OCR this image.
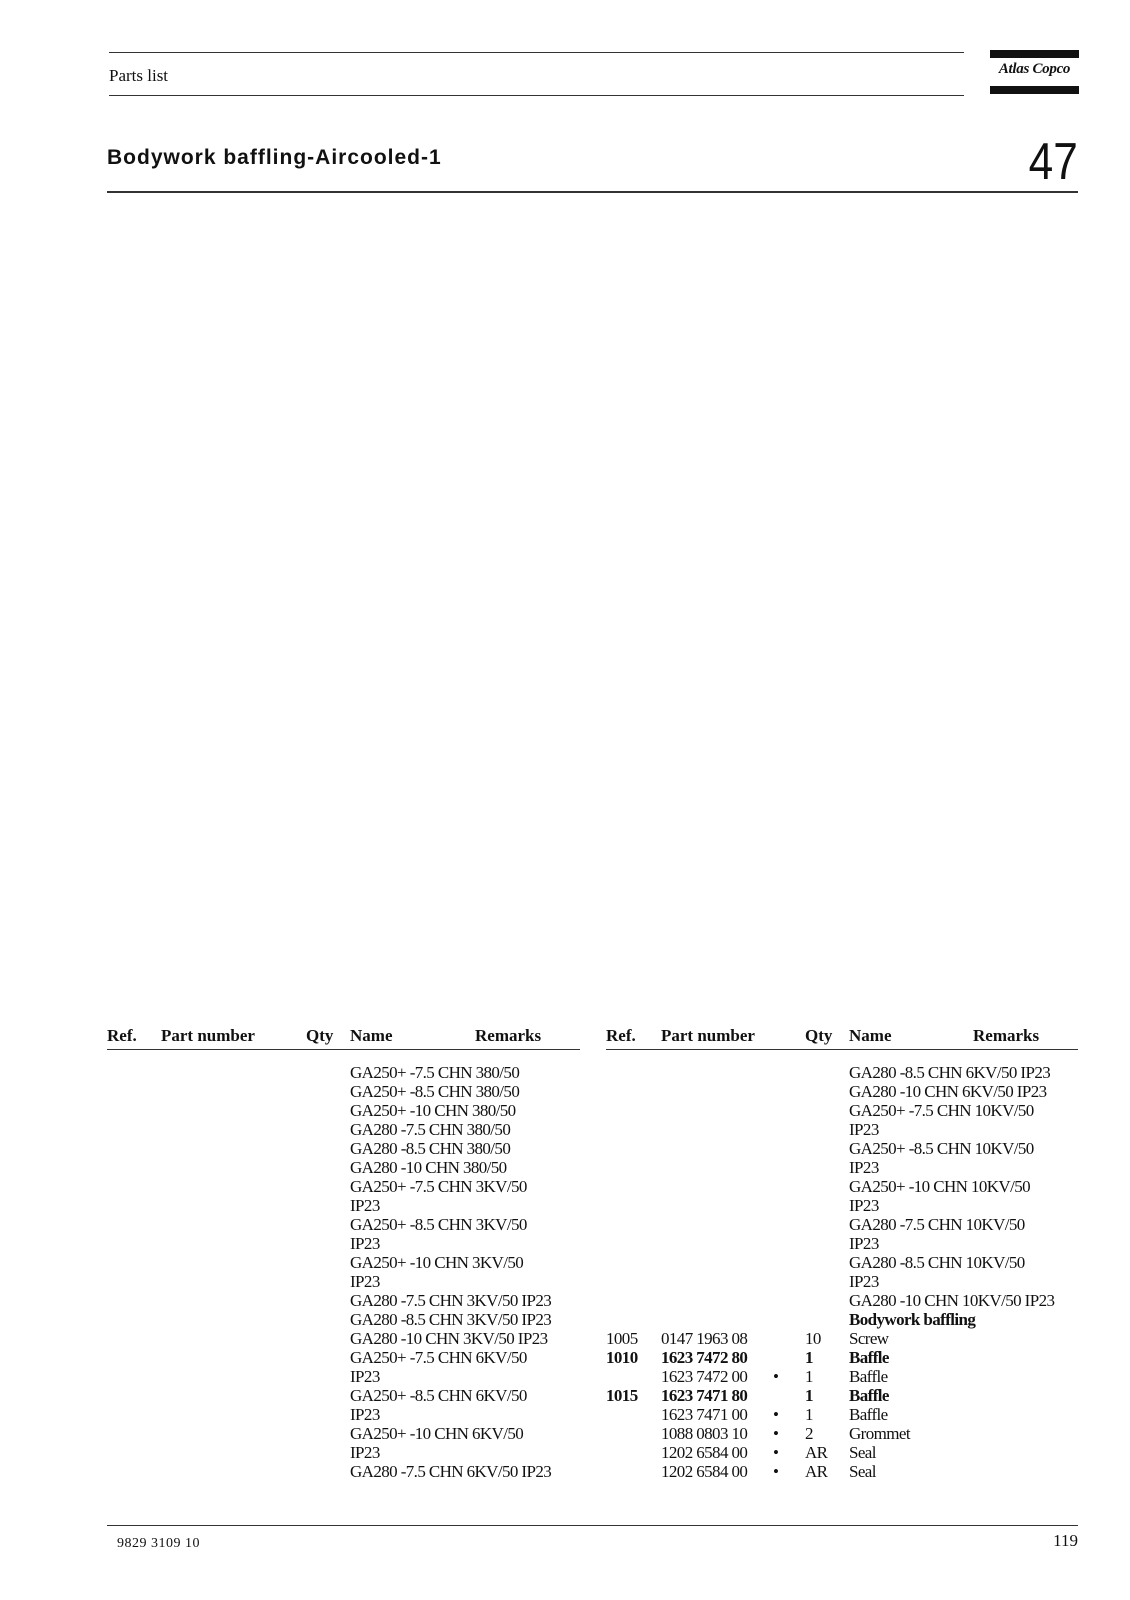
Parts list	Atlas Copco
Bodywork baffling-Aircooled-1	47
Ref. Part number	Qty Name	Remarks
GA250+ -7.5 CHN 380/50
GA250+ -8.5 CHN 380/50
GA250+ -10 CHN 380/50
GA280 -7.5 CHN 380/50
GA280 -8.5 CHN 380/50
GA280 -10 CHN 380/50
GA250+ -7.5 CHN 3KV/50
IP23
GA250+ -8.5 CHN 3KV/50
IP23
GA250+ -10 CHN 3KV/50
IP23
GA280 -7.5 CHN 3KV/50 IP23
GA280 -8.5 CHN 3KV/50 IP23
GA280 -10 CHN 3KV/50 IP23
GA250+ -7.5 CHN 6KV/50
IP23
GA250+ -8.5 CHN 6KV/50
IP23
GA250+ -10 CHN 6KV/50
IP23
GA280 -7.5 CHN 6KV/50 IP23
Ref. Part number	Qty Name	Remarks
GA280 -8.5 CHN 6KV/50 IP23
GA280 -10 CHN 6KV/50 IP23
GA250+ -7.5 CHN 10KV/50
IP23
GA250+ -8.5 CHN 10KV/50
IP23
GA250+ -10 CHN 10KV/50
IP23
GA280 -7.5 CHN 10KV/50
IP23
GA280 -8.5 CHN 10KV/50
IP23
GA280 -10 CHN 10KV/50 IP23
Bodywork baffling
1005 0147 1963 08	10 Screw
1010 1623 7472 80	1 Baffle
1623 7472 00 • 1 Baffle
1015 1623 7471 80	1 Baffle
1623 7471 00 • 1 Baffle
1088 0803 10 • 2 Grommet
1202 6584 00 • AR Seal
1202 6584 00 • AR Seal
9829 3109 10	119
